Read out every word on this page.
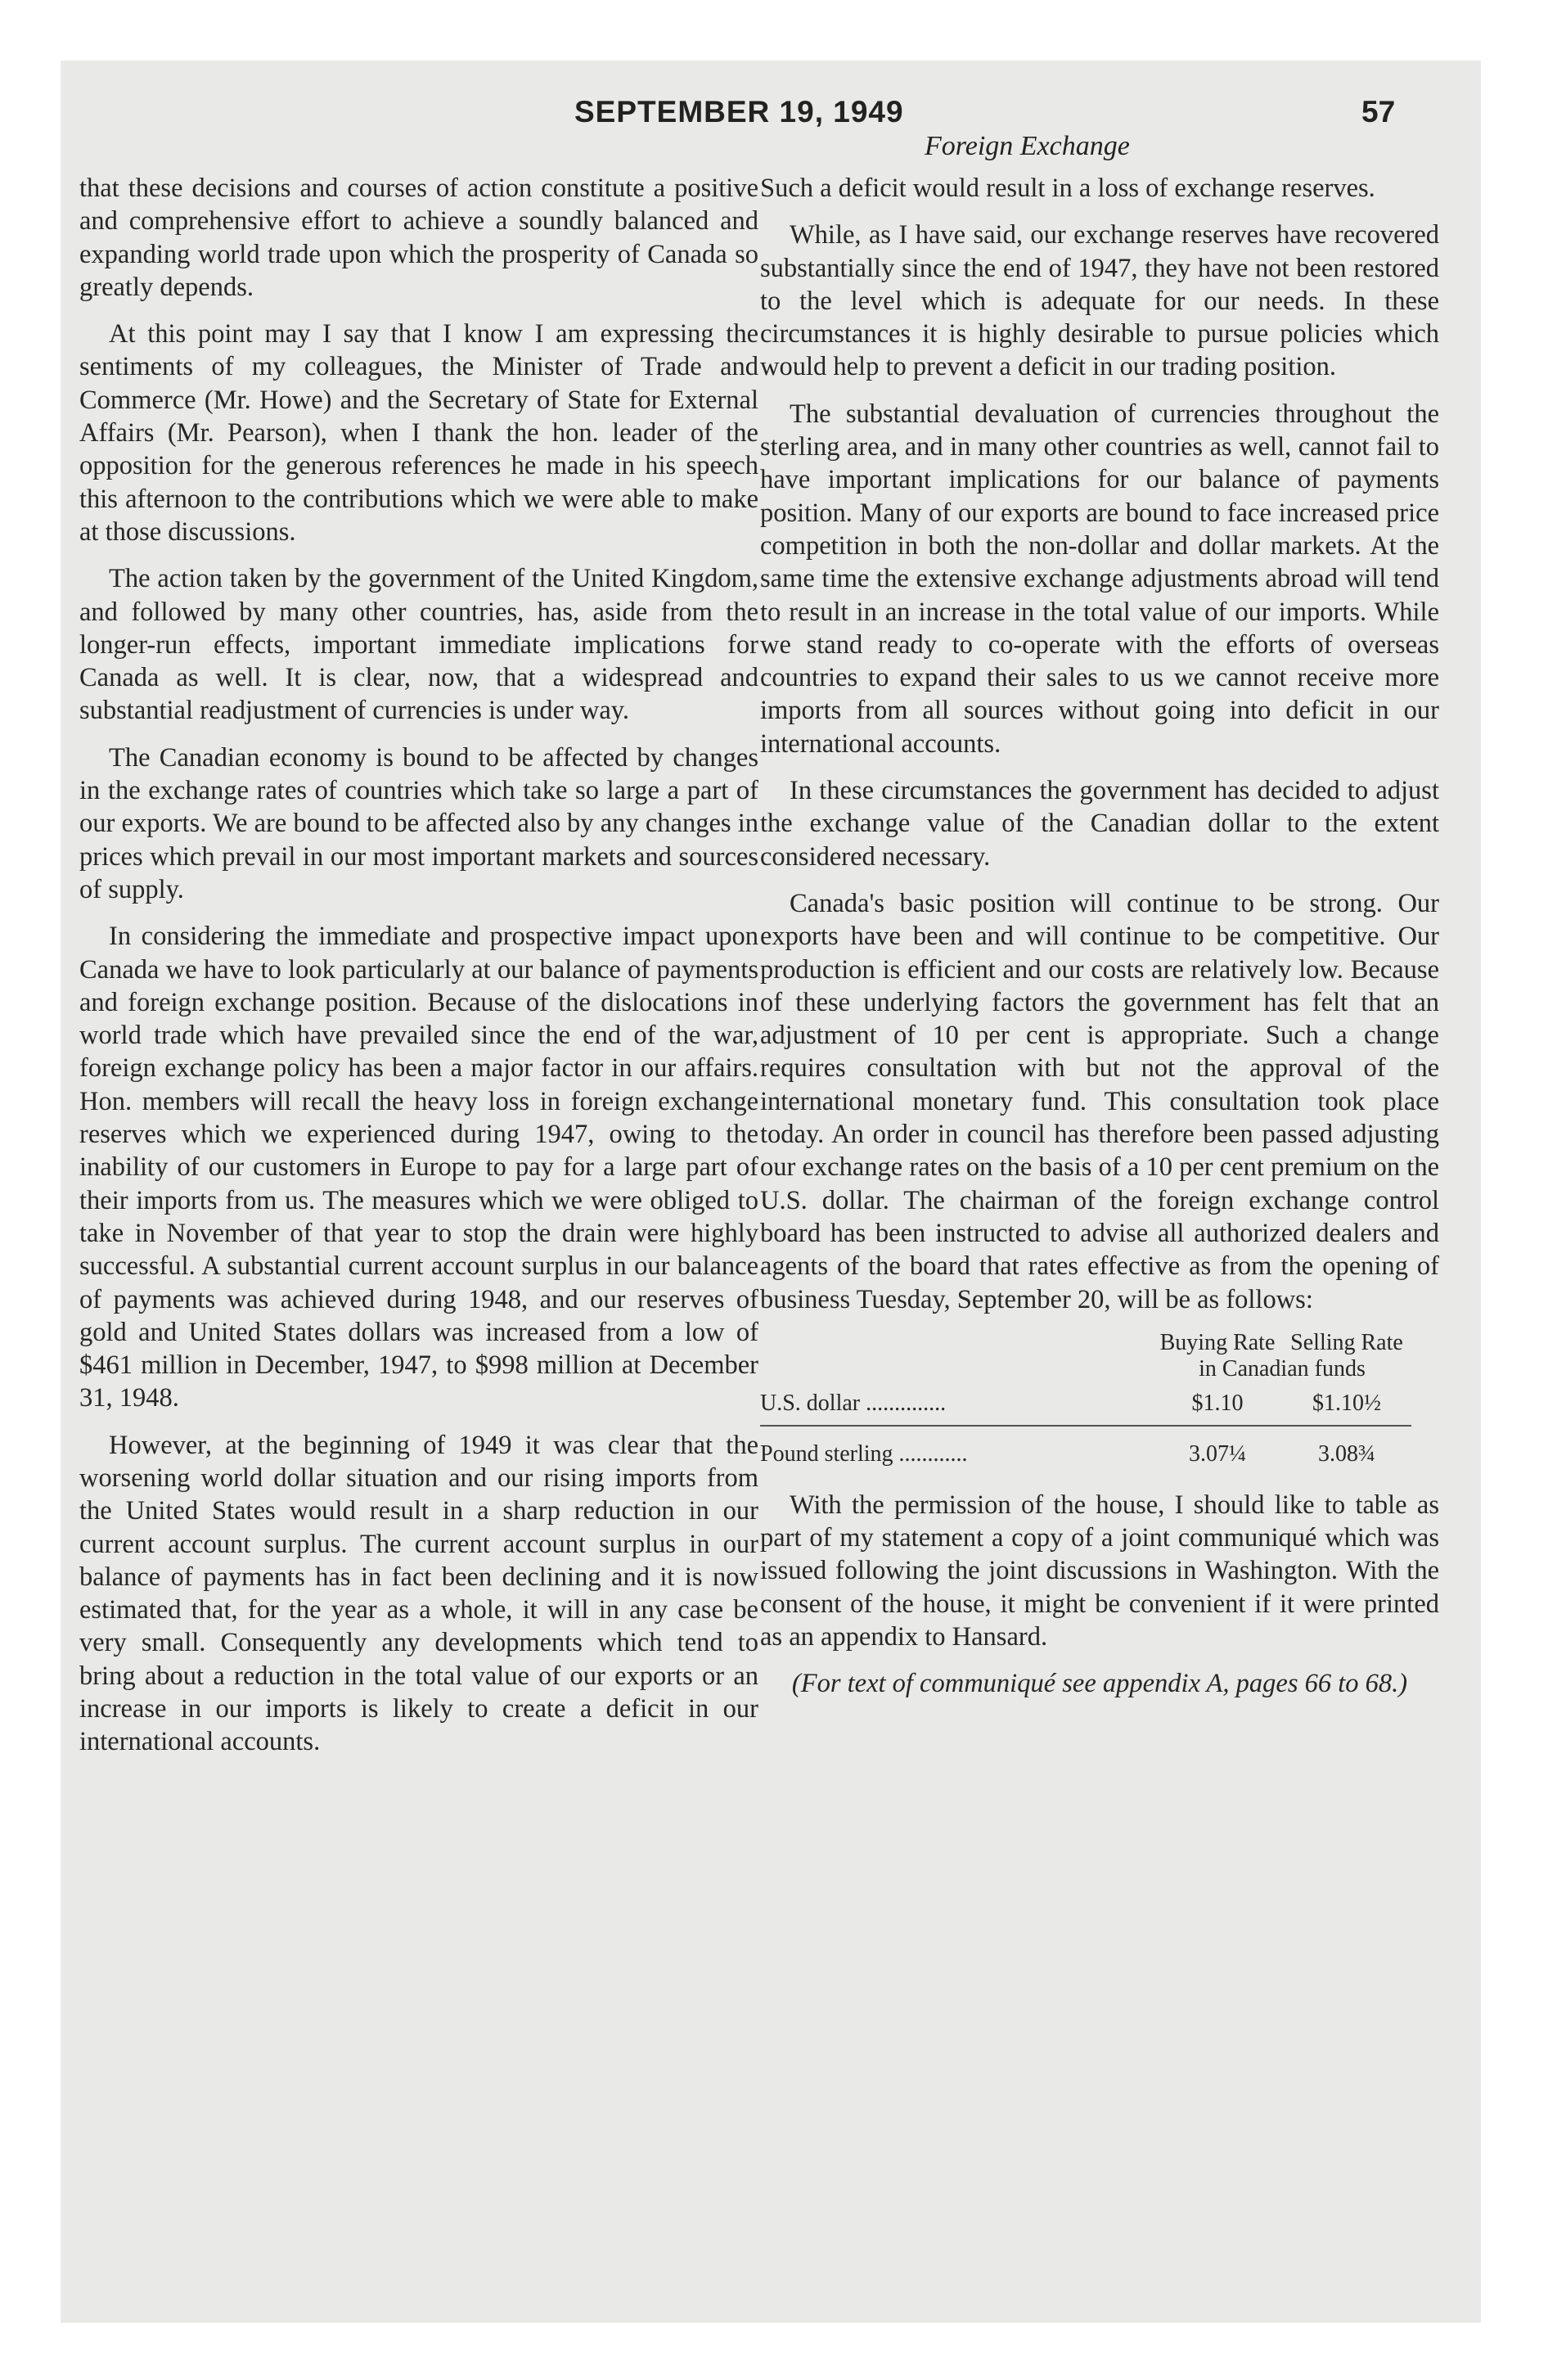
SEPTEMBER 19, 1949	57
Foreign Exchange

that these decisions and courses of action constitute a positive and comprehensive effort to achieve a soundly balanced and expanding world trade upon which the prosperity of Canada so greatly depends.

At this point may I say that I know I am expressing the sentiments of my colleagues, the Minister of Trade and Commerce (Mr. Howe) and the Secretary of State for External Affairs (Mr. Pearson), when I thank the hon. leader of the opposition for the generous references he made in his speech this afternoon to the contributions which we were able to make at those discussions.

The action taken by the government of the United Kingdom, and followed by many other countries, has, aside from the longer-run effects, important immediate implications for Canada as well. It is clear, now, that a widespread and substantial readjustment of currencies is under way.

The Canadian economy is bound to be affected by changes in the exchange rates of countries which take so large a part of our exports. We are bound to be affected also by any changes in prices which prevail in our most important markets and sources of supply.

In considering the immediate and prospective impact upon Canada we have to look particularly at our balance of payments and foreign exchange position. Because of the dislocations in world trade which have prevailed since the end of the war, foreign exchange policy has been a major factor in our affairs. Hon. members will recall the heavy loss in foreign exchange reserves which we experienced during 1947, owing to the inability of our customers in Europe to pay for a large part of their imports from us. The measures which we were obliged to take in November of that year to stop the drain were highly successful. A substantial current account surplus in our balance of payments was achieved during 1948, and our reserves of gold and United States dollars was increased from a low of $461 million in December, 1947, to $998 million at December 31, 1948.

However, at the beginning of 1949 it was clear that the worsening world dollar situation and our rising imports from the United States would result in a sharp reduction in our current account surplus. The current account surplus in our balance of payments has in fact been declining and it is now estimated that, for the year as a whole, it will in any case be very small. Consequently any developments which tend to bring about a reduction in the total value of our exports or an increase in our imports is likely to create a deficit in our international accounts.

Such a deficit would result in a loss of exchange reserves.

While, as I have said, our exchange reserves have recovered substantially since the end of 1947, they have not been restored to the level which is adequate for our needs. In these circumstances it is highly desirable to pursue policies which would help to prevent a deficit in our trading position.

The substantial devaluation of currencies throughout the sterling area, and in many other countries as well, cannot fail to have important implications for our balance of payments position. Many of our exports are bound to face increased price competition in both the non-dollar and dollar markets. At the same time the extensive exchange adjustments abroad will tend to result in an increase in the total value of our imports. While we stand ready to co-operate with the efforts of overseas countries to expand their sales to us we cannot receive more imports from all sources without going into deficit in our international accounts.

In these circumstances the government has decided to adjust the exchange value of the Canadian dollar to the extent considered necessary.

Canada's basic position will continue to be strong. Our exports have been and will continue to be competitive. Our production is efficient and our costs are relatively low. Because of these underlying factors the government has felt that an adjustment of 10 per cent is appropriate. Such a change requires consultation with but not the approval of the international monetary fund. This consultation took place today. An order in council has therefore been passed adjusting our exchange rates on the basis of a 10 per cent premium on the U.S. dollar. The chairman of the foreign exchange control board has been instructed to advise all authorized dealers and agents of the board that rates effective as from the opening of business Tuesday, September 20, will be as follows:

	Buying Rate	Selling Rate
	in Canadian funds	
U.S. dollar ..............	$1.10	$1.10½

Pound sterling ............	3.07¼	3.08¾

With the permission of the house, I should like to table as part of my statement a copy of a joint communiqué which was issued following the joint discussions in Washington. With the consent of the house, it might be convenient if it were printed as an appendix to Hansard.

(For text of communiqué see appendix A, pages 66 to 68.)
